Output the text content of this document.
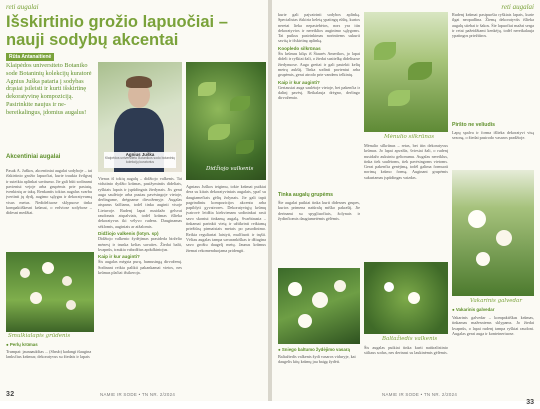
reti augalai
Išskirtinio grožio lapuočiai –
nauji sodybų akcentai
Rūta Antanaitienė
Klaipėdos universiteto Botaniko sode Botaninių kolekcijų kuratorė Agnius Juška pataria į sodybas drąsiai įsileisti ir kurti išskirtinę dekoratyvinę kompoziciją. Pasirinkite naujus ir ne-bereikalingus, įdomius augalus!
Akcentiniai augalai
Pasak A. Juškos, akcentiniai augalai sodyboje – tai išskirtinio grožio lapuočiai, kurie traukia žvilgsnį ir suteikia aplinkai savitumo. Jie gali būti sodinami pavieniui vejoje arba grupėmis prie pastatų, tvenkinių ar takų. Renkantis tokius augalus svarbu įvertinti jų dydį, augimo sąlygas ir dekoratyvumą visus metus. Nedideliuose sklypuose tinka kompaktiškesni krūmai, o erdviose sodybose – didesni medžiai.
Agnius Juška
Klaipėdos universiteto Botanikos sodo botaninių kolekcijų kuratorius
Vienas iš tokių augalų – didžiojo valkenis. Tai vidutinio dydžio krūmas, pasižymintis dideliais, ryškiais lapais ir įspūdingais žiedynais. Jis gerai auga saulėtoje arba pusiau pavėsingoje vietoje, derlingame, drėgname dirvožemyje. Augalas atsparus šalčiams, todėl tinka auginti visoje Lietuvoje. Rudenį lapai nusidažo gelsvai raudonais atspalviais, todėl krūmas išlieka dekoratyvus iki vėlyvo rudens. Dauginamas sėklomis, auginiais ar atžalomis.
Didžiojo valkenis (lotyn. sp)
Didžiojo valkenio žydėjimas prasideda birželio mėnesį ir trunka kelias savaites. Žiedai balti, kvapnūs, traukia vabzdžius apdulkintojus.
Kaip ir kur auginti?
Šis augalas mėgsta purų, humusingą dirvožemį. Sodinant reikia palikti pakankamai vietos, nes krūmas plačiai išsikeroja.
Didžiojo valkenis
Agniaus Juškos teigimu, tokie krūmai puikiai dera su kitais dekoratyviniais augalais, ypač su daugiamečiais gėlių žolynais. Jie gali tapti pagrindiniu kompozicijos akcentu arba papildyti gyvatvores. Dekoratyviųjų krūmų įvairovė leidžia kiekvienam sodininkui rasti savo skoniui tinkamą augalą. Svarbiausia – tinkamai parinkti vietą ir užtikrinti reikiamą priežiūrą pirmaisiais metais po pasodinimo. Reikia reguliariai laistyti, mulčiuoti ir tręšti. Vėliau augalas tampa savarankiškas ir džiugina savo grožiu daugelį metų. Jaunus krūmus žiemai rekomenduojama pridengti.
Smulkialapis grūdenis
● Perlų krūmas
Trumpai: jaunaaukštas ... (Shrub) kadangi išaugina lanksčius krūmus; dekoratyvus su žiedais ir lapais
32	NAMIE IR SODE • TN NR. 2/2024
reti augalai
kurie gali paįvairinti sodybos aplinką. Specialistas išskiria keletą ypatingų rūšių, kurios neretai lieka nepastebėtos, nors yra itin dekoratyvios ir nereiklios auginimo sąlygoms. Tai puikus pasirinkimas norintiems sukurti savitą ir išskirtinę aplinką.
Koopledo silkrūnas
Šis krūmas kilęs iš Šiaurės Amerikos, jo lapai dideli ir ryškiai žali, o žiedai susitelkę dideliuose žiedynuose. Auga greitai ir gali pasiekti kelių metrų aukštį. Tinka sodinti pavieniui arba grupėmis, gerai atrodo prie vandens telkinių.
Kaip ir kur auginti?
Geriausiai auga saulėtoje vietoje, bet pakenčia ir dalinį pavėsį. Reikalauja drėgno, derlingo dirvožemio.
Tinka augalų grupėms
Šie augalai puikiai tinka kurti didesnes grupes, kurios primena natūralų miško pakraštį. Jie derinami su spygliuočiais, žolynais ir žydinčiomis daugiametėmis gėlėmis.
● Sniego baltumo žydėjimo vasarą
Baltažiedis valkenis žydi vasaros viduryje, kai daugelis kitų krūmų jau baigę žydėti.
Mėnulio silkrūnas
Mėnulio silkrūnas – retas, bet itin dekoratyvus krūmas. Jo lapai apvalūs, šviesiai žali, o rudenį nusidažo auksiniu geltonumu. Augalas nereiklus, tinka tiek saulėtoms, tiek pavėsingoms vietoms. Gerai pakenčia genėjimą, todėl galima formuoti norimą krūmo formą. Auginant grupėmis sukuriamas įspūdingas vaizdas.
Baltažiedis valkenis
Šis augalas puikiai tinka kurti natūralistinio stiliaus sodus, nes derinasi su laukinėmis gėlėmis.
Rudenį krūmai pasipuošia ryškiais lapais, kurie ilgai neopadlina. Žiemą dekoratyvūs išlieka augalų stiebai ir šakos. Šie lapuočiai mažai serga ir retai pažeidžiami kenkėjų, todėl nereikalauja ypatingos priežiūros.
Piršto ne veliudis
Lapų spalva ir forma išlieka dekoratyvi visą sezoną, o žiedai pasirodo vasaros pradžioje.
Vakarinis galvedar
● Vakarinis galvedar
Vakarinis galvedar – kompaktiškas krūmas, tinkamas mažesniems sklypams. Jo žiedai kvapnūs, o lapai rudenį tampa ryškiai raudoni. Augalas gerai auga ir konteineriuose.
NAMIE IR SODE • TN NR. 2/2024
33
